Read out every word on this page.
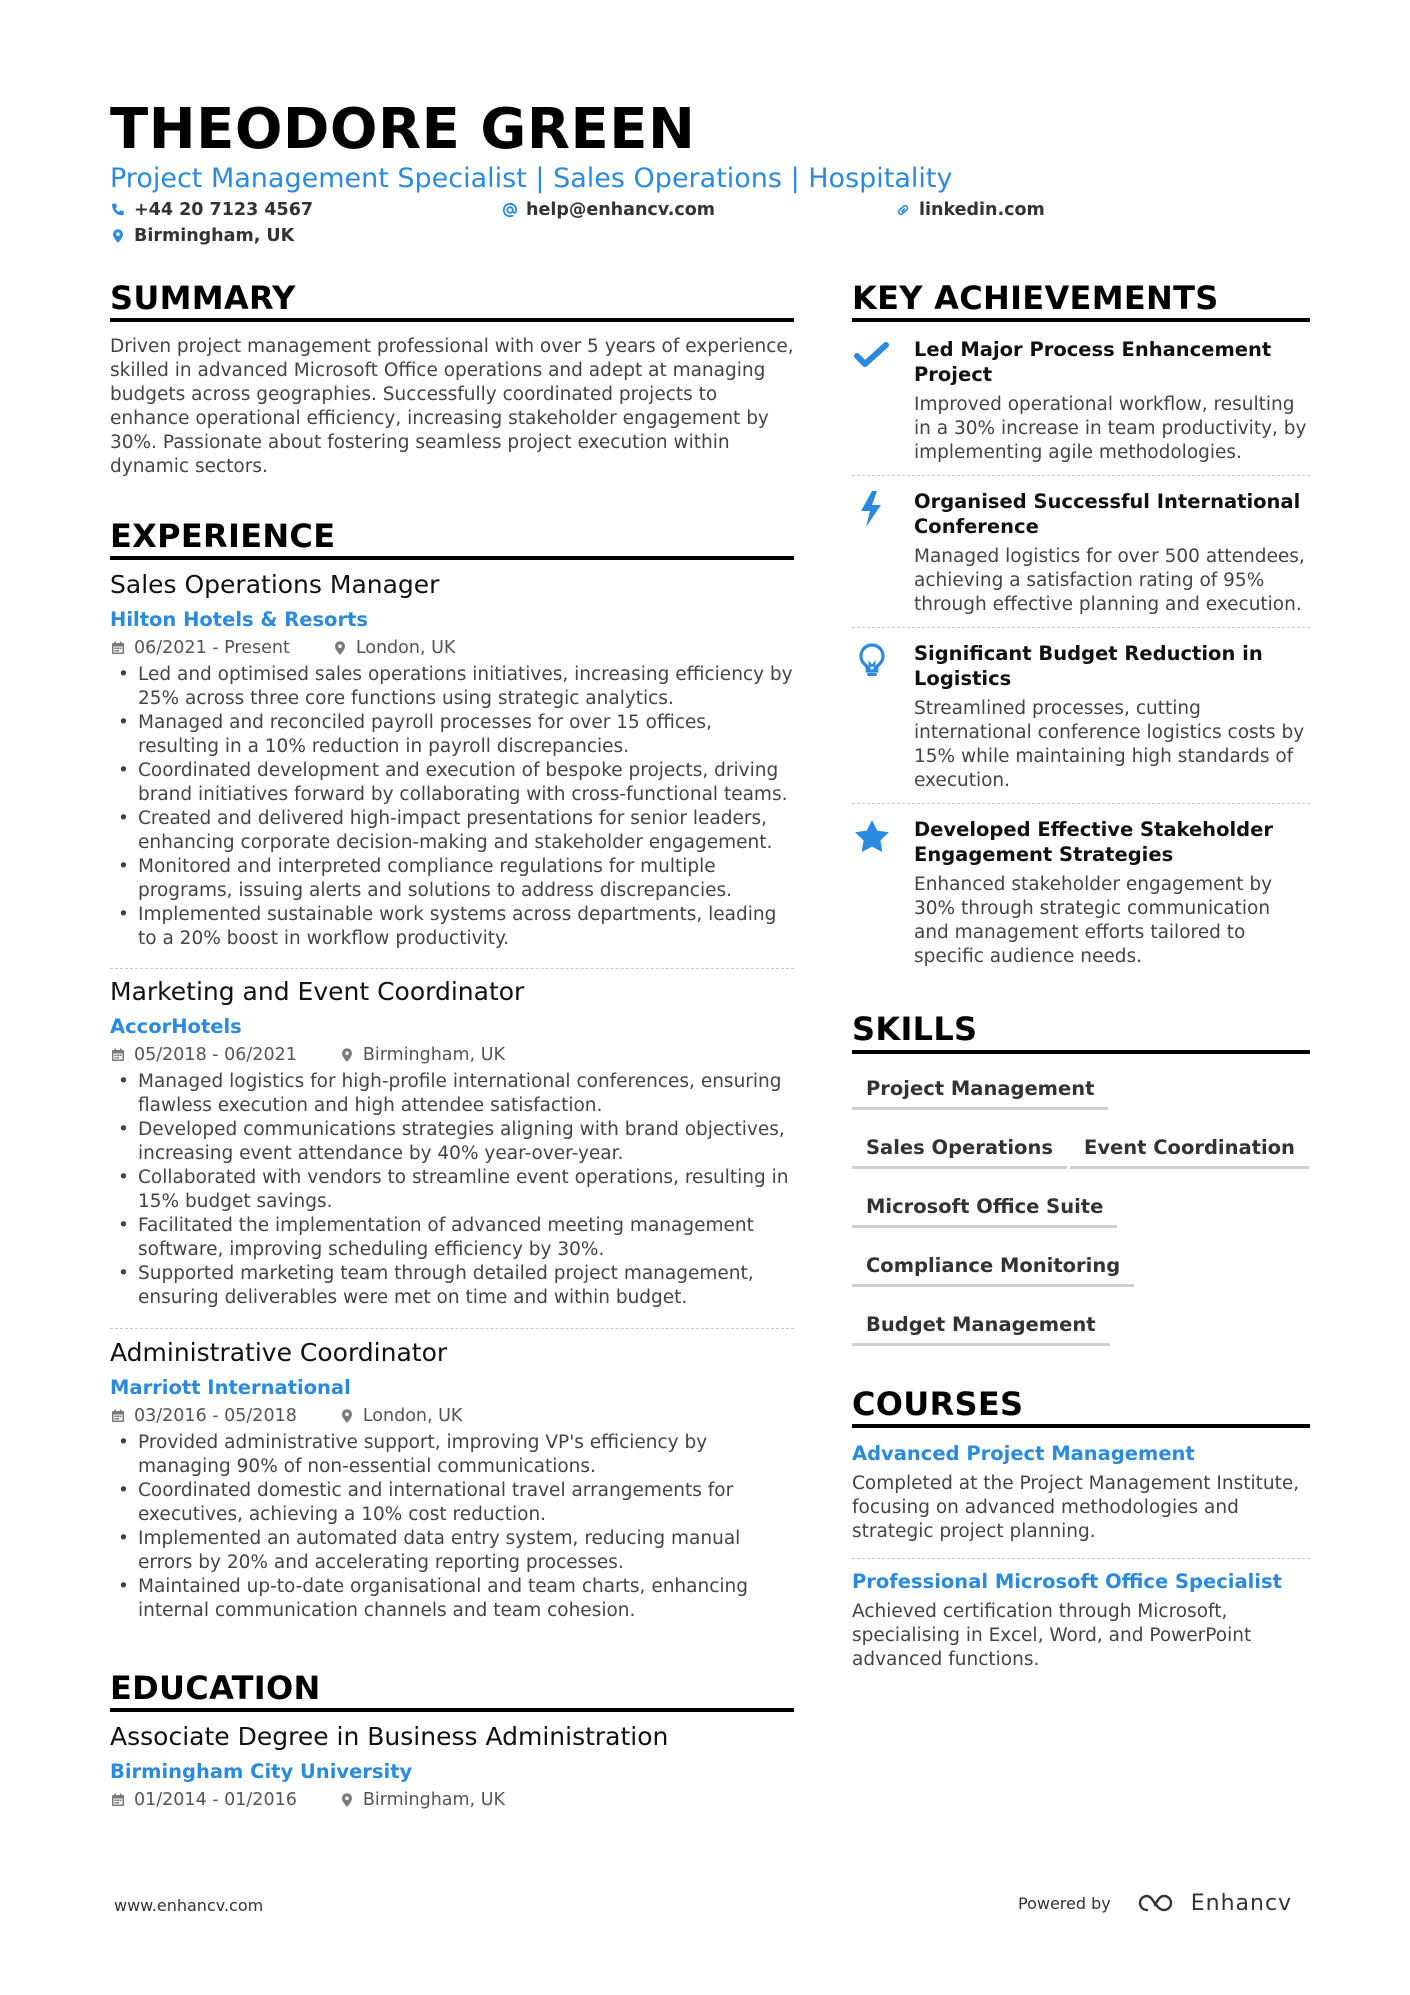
THEODORE GREEN
Project Management Specialist | Sales Operations | Hospitality
+44 20 7123 4567	help@enhancv.com	linkedin.com
Birmingham, UK
SUMMARY
Driven project management professional with over 5 years of experience, skilled in advanced Microsoft Office operations and adept at managing budgets across geographies. Successfully coordinated projects to enhance operational efficiency, increasing stakeholder engagement by 30%. Passionate about fostering seamless project execution within dynamic sectors.
EXPERIENCE
Sales Operations Manager
Hilton Hotels & Resorts
06/2021 - Present	London, UK
• Led and optimised sales operations initiatives, increasing efficiency by 25% across three core functions using strategic analytics.
• Managed and reconciled payroll processes for over 15 offices, resulting in a 10% reduction in payroll discrepancies.
• Coordinated development and execution of bespoke projects, driving brand initiatives forward by collaborating with cross-functional teams.
• Created and delivered high-impact presentations for senior leaders, enhancing corporate decision-making and stakeholder engagement.
• Monitored and interpreted compliance regulations for multiple programs, issuing alerts and solutions to address discrepancies.
• Implemented sustainable work systems across departments, leading to a 20% boost in workflow productivity.
Marketing and Event Coordinator
AccorHotels
05/2018 - 06/2021	Birmingham, UK
• Managed logistics for high-profile international conferences, ensuring flawless execution and high attendee satisfaction.
• Developed communications strategies aligning with brand objectives, increasing event attendance by 40% year-over-year.
• Collaborated with vendors to streamline event operations, resulting in 15% budget savings.
• Facilitated the implementation of advanced meeting management software, improving scheduling efficiency by 30%.
• Supported marketing team through detailed project management, ensuring deliverables were met on time and within budget.
Administrative Coordinator
Marriott International
03/2016 - 05/2018	London, UK
• Provided administrative support, improving VP's efficiency by managing 90% of non-essential communications.
• Coordinated domestic and international travel arrangements for executives, achieving a 10% cost reduction.
• Implemented an automated data entry system, reducing manual errors by 20% and accelerating reporting processes.
• Maintained up-to-date organisational and team charts, enhancing internal communication channels and team cohesion.
EDUCATION
Associate Degree in Business Administration
Birmingham City University
01/2014 - 01/2016	Birmingham, UK
KEY ACHIEVEMENTS
Led Major Process Enhancement Project
Improved operational workflow, resulting in a 30% increase in team productivity, by implementing agile methodologies.
Organised Successful International Conference
Managed logistics for over 500 attendees, achieving a satisfaction rating of 95% through effective planning and execution.
Significant Budget Reduction in Logistics
Streamlined processes, cutting international conference logistics costs by 15% while maintaining high standards of execution.
Developed Effective Stakeholder Engagement Strategies
Enhanced stakeholder engagement by 30% through strategic communication and management efforts tailored to specific audience needs.
SKILLS
Project Management
Sales Operations	Event Coordination
Microsoft Office Suite
Compliance Monitoring
Budget Management
COURSES
Advanced Project Management
Completed at the Project Management Institute, focusing on advanced methodologies and strategic project planning.
Professional Microsoft Office Specialist
Achieved certification through Microsoft, specialising in Excel, Word, and PowerPoint advanced functions.
www.enhancv.com	Powered by	Enhancv
